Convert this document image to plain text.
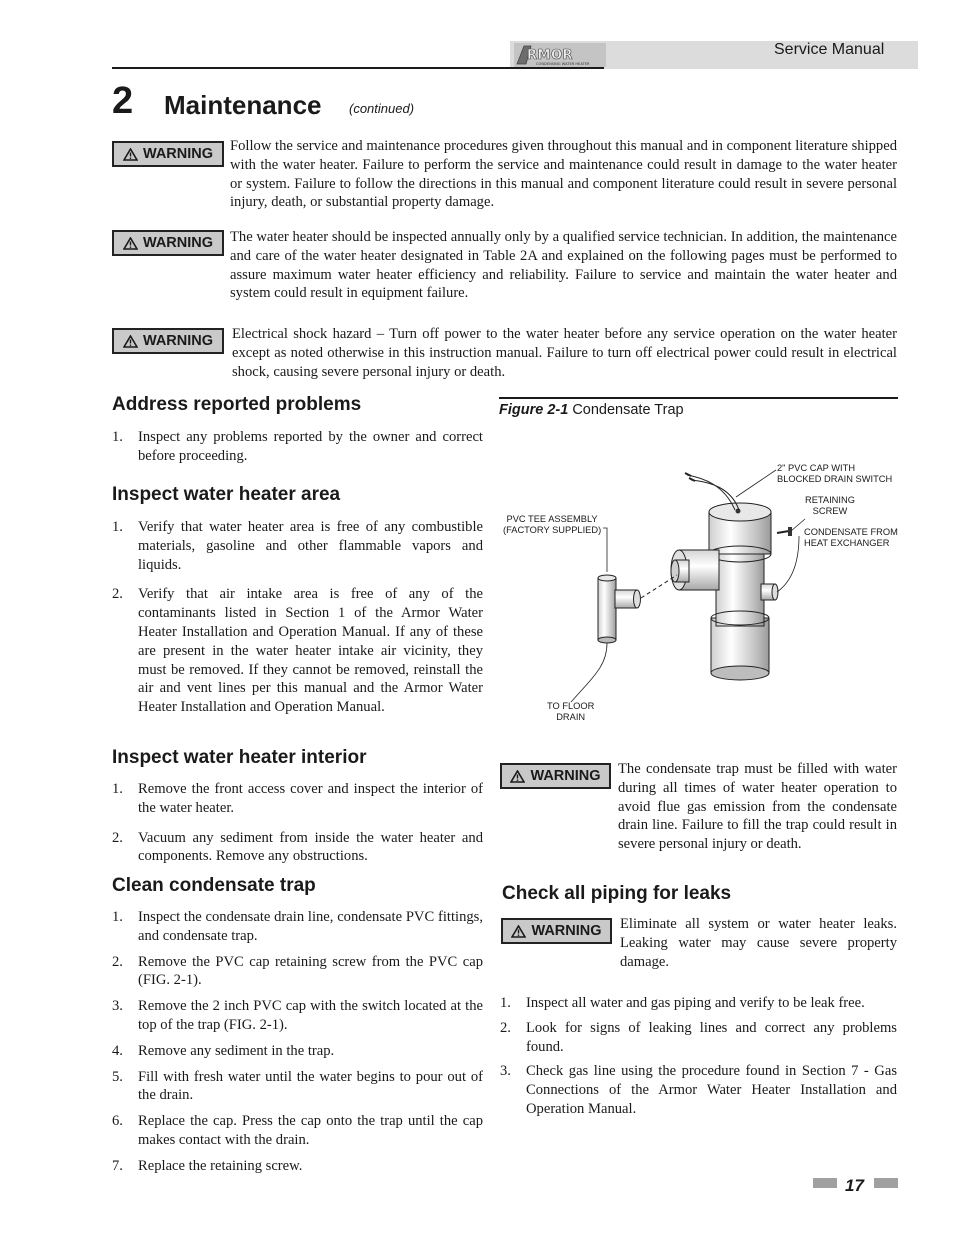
RMOR
CONDENSING WATER HEATER
Service Manual
2 Maintenance (continued)
WARNING Follow the service and maintenance procedures given throughout this manual and in component literature shipped with the water heater. Failure to perform the service and maintenance could result in damage to the water heater or system. Failure to follow the directions in this manual and component literature could result in severe personal injury, death, or substantial property damage.
WARNING The water heater should be inspected annually only by a qualified service technician. In addition, the maintenance and care of the water heater designated in Table 2A and explained on the following pages must be performed to assure maximum water heater efficiency and reliability. Failure to service and maintain the water heater and system could result in equipment failure.
WARNING Electrical shock hazard – Turn off power to the water heater before any service operation on the water heater except as noted otherwise in this instruction manual. Failure to turn off electrical power could result in electrical shock, causing severe personal injury or death.
Address reported problems
1.	Inspect any problems reported by the owner and correct before proceeding.
Inspect water heater area
1.	Verify that water heater area is free of any combustible materials, gasoline and other flammable vapors and liquids.
2.	Verify that air intake area is free of any of the contaminants listed in Section 1 of the Armor Water Heater Installation and Operation Manual. If any of these are present in the water heater intake air vicinity, they must be removed. If they cannot be removed, reinstall the air and vent lines per this manual and the Armor Water Heater Installation and Operation Manual.
Inspect water heater interior
1.	Remove the front access cover and inspect the interior of the water heater.
2.	Vacuum any sediment from inside the water heater and components. Remove any obstructions.
Clean condensate trap
1.	Inspect the condensate drain line, condensate PVC fittings, and condensate trap.
2.	Remove the PVC cap retaining screw from the PVC cap (FIG. 2-1).
3.	Remove the 2 inch PVC cap with the switch located at the top of the trap (FIG. 2-1).
4.	Remove any sediment in the trap.
5.	Fill with fresh water until the water begins to pour out of the drain.
6.	Replace the cap. Press the cap onto the trap until the cap makes contact with the drain.
7.	Replace the retaining screw.
Figure 2-1 Condensate Trap
2" PVC CAP WITH
BLOCKED DRAIN SWITCH
RETAINING
SCREW
CONDENSATE FROM
HEAT EXCHANGER
PVC TEE ASSEMBLY
(FACTORY SUPPLIED)
TO FLOOR
DRAIN
WARNING The condensate trap must be filled with water during all times of water heater operation to avoid flue gas emission from the condensate drain line. Failure to fill the trap could result in severe personal injury or death.
Check all piping for leaks
WARNING Eliminate all system or water heater leaks. Leaking water may cause severe property damage.
1.	Inspect all water and gas piping and verify to be leak free.
2.	Look for signs of leaking lines and correct any problems found.
3.	Check gas line using the procedure found in Section 7 - Gas Connections of the Armor Water Heater Installation and Operation Manual.
17
